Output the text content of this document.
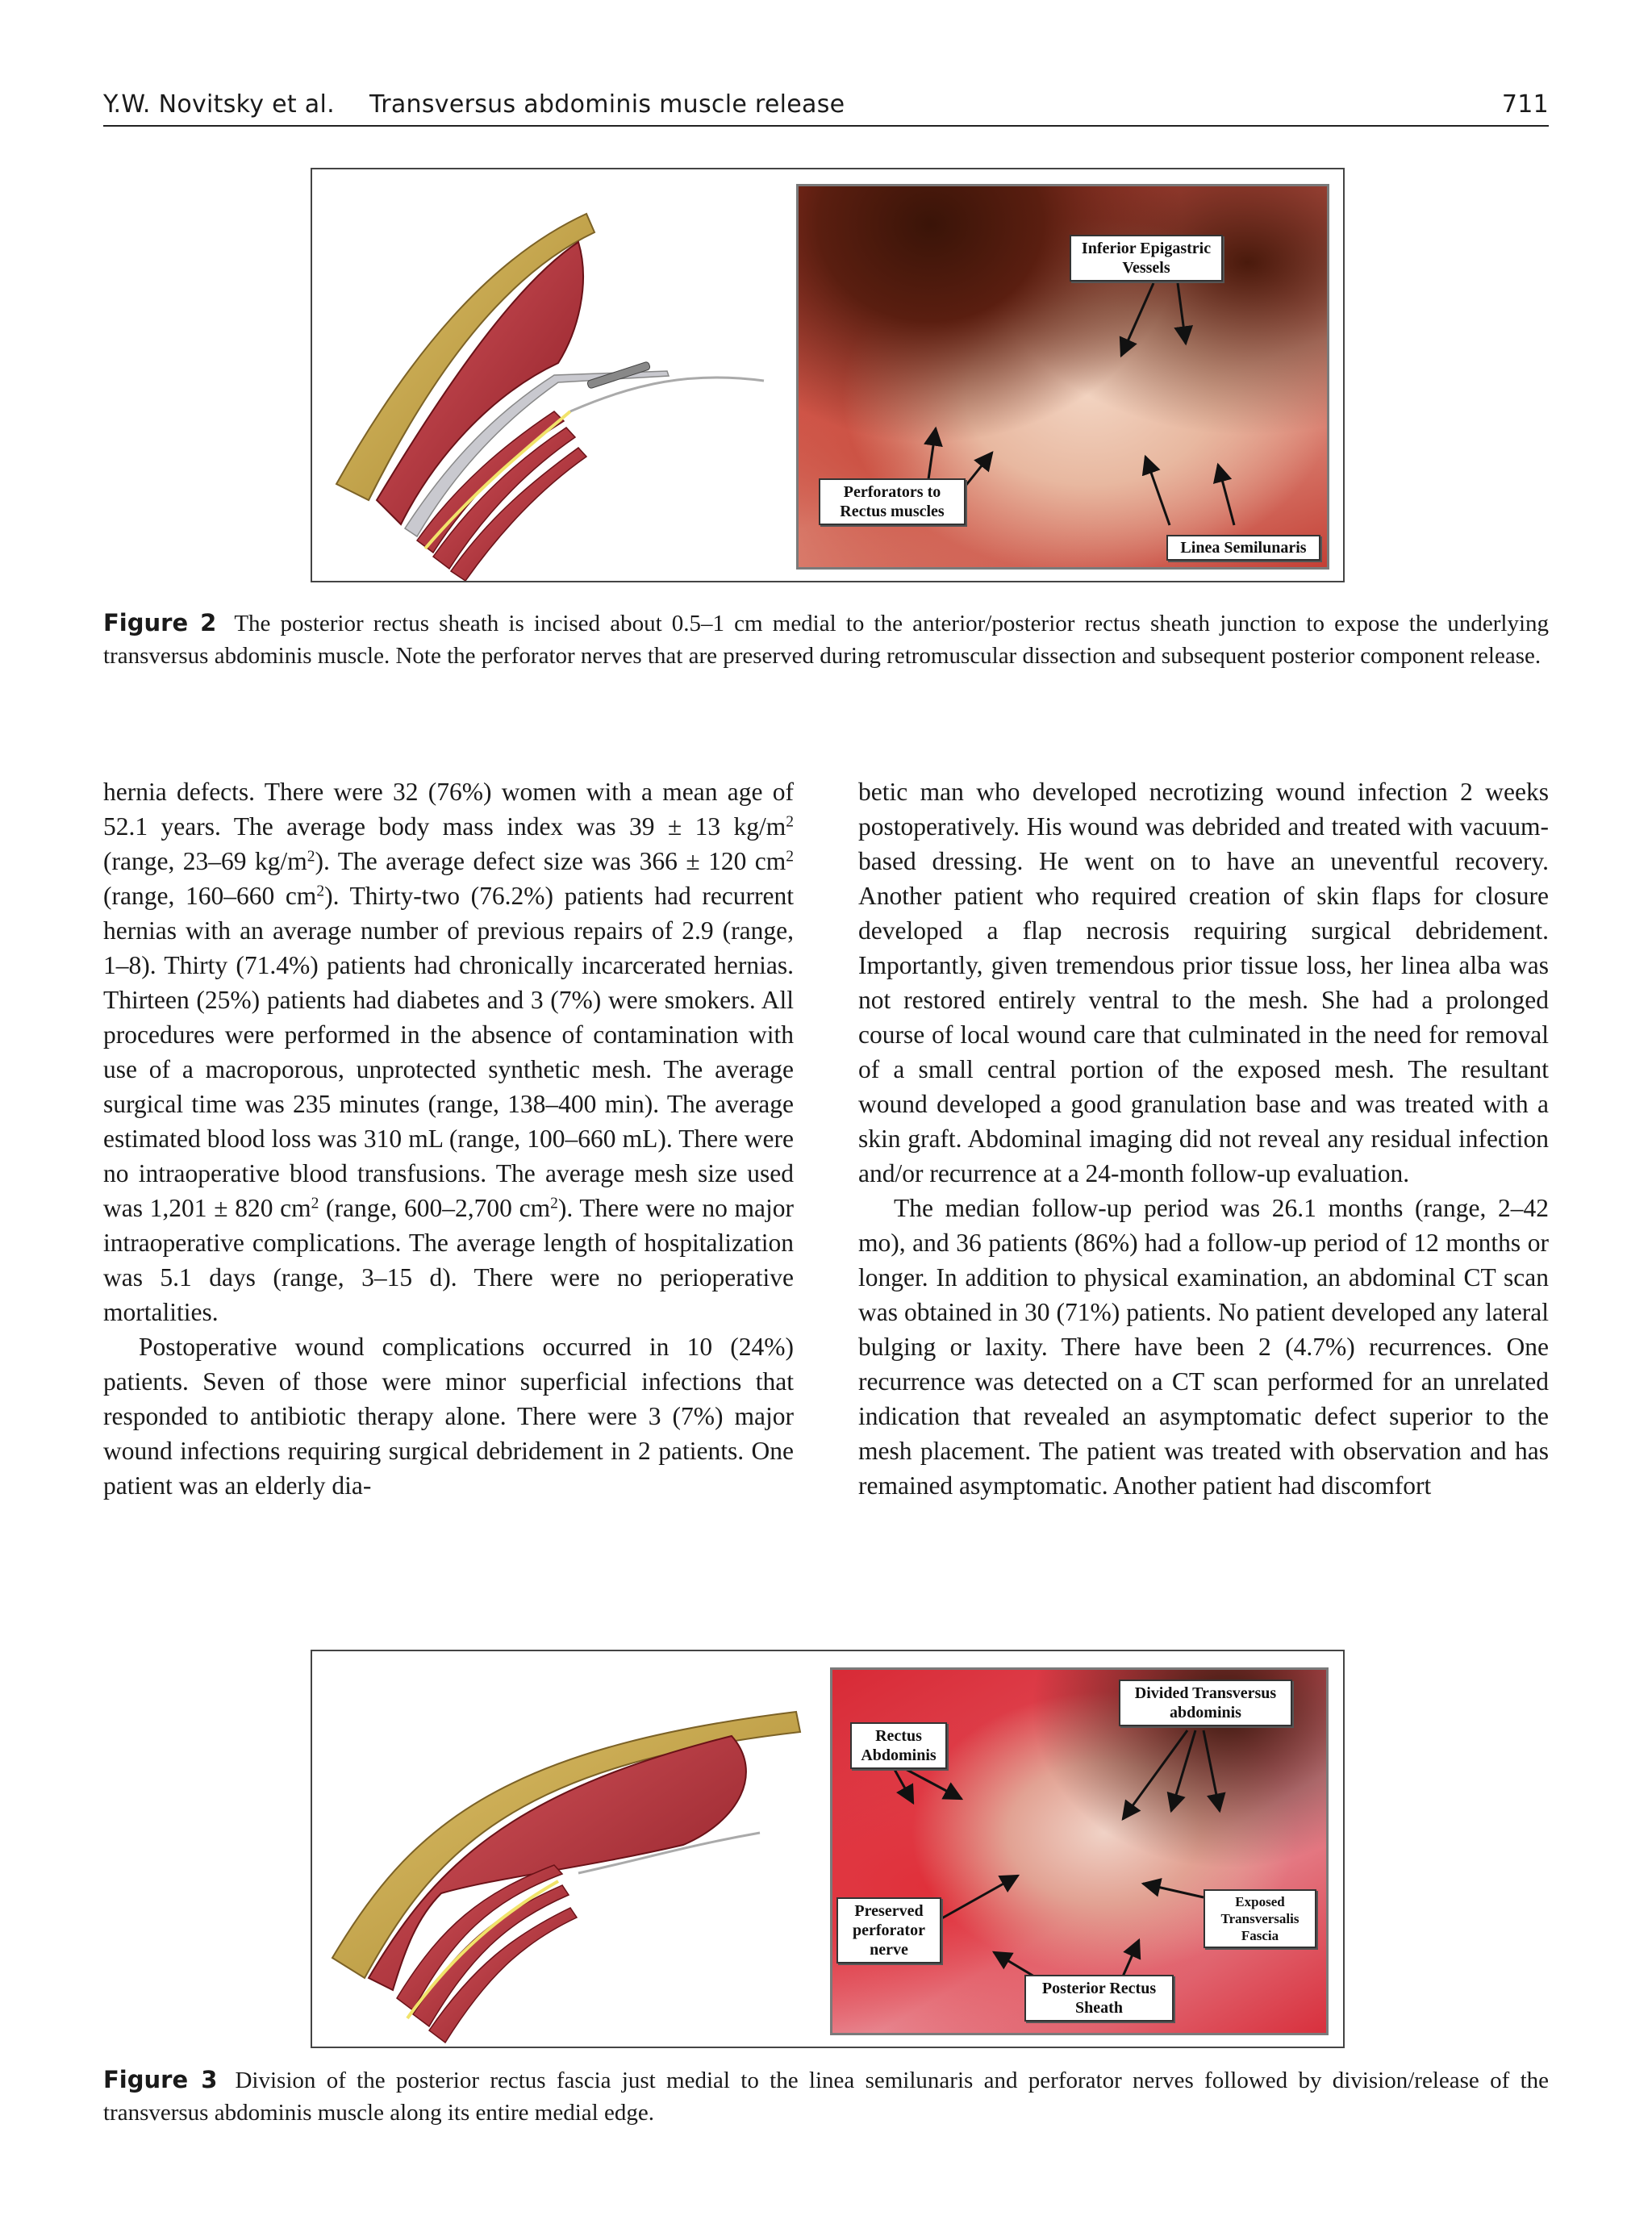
Y.W. Novitsky et al. Transversus abdominis muscle release	711
Inferior Epigastric Vessels
Perforators to Rectus muscles
Linea Semilunaris
Figure 2 The posterior rectus sheath is incised about 0.5–1 cm medial to the anterior/posterior rectus sheath junction to expose the underlying transversus abdominis muscle. Note the perforator nerves that are preserved during retromuscular dissection and subsequent posterior component release.

hernia defects. There were 32 (76%) women with a mean age of 52.1 years. The average body mass index was 39 ± 13 $kg/m^2$ (range, 23–69 $kg/m^2$). The average defect size was 366 ± 120 $cm^2$ (range, 160–660 $cm^2$). Thirty-two (76.2%) patients had recurrent hernias with an average number of previous repairs of 2.9 (range, 1–8). Thirty (71.4%) patients had chronically incarcerated hernias. Thirteen (25%) patients had diabetes and 3 (7%) were smokers. All procedures were performed in the absence of contamination with use of a macroporous, unprotected synthetic mesh. The average surgical time was 235 minutes (range, 138–400 min). The average estimated blood loss was 310 mL (range, 100–660 mL). There were no intraoperative blood transfusions. The average mesh size used was 1,201 ± 820 $cm^2$ (range, 600–2,700 $cm^2$). There were no major intraoperative complications. The average length of hospitalization was 5.1 days (range, 3–15 d). There were no perioperative mortalities.

Postoperative wound complications occurred in 10 (24%) patients. Seven of those were minor superficial infections that responded to antibiotic therapy alone. There were 3 (7%) major wound infections requiring surgical debridement in 2 patients. One patient was an elderly dia-

betic man who developed necrotizing wound infection 2 weeks postoperatively. His wound was debrided and treated with vacuum-based dressing. He went on to have an uneventful recovery. Another patient who required creation of skin flaps for closure developed a flap necrosis requiring surgical debridement. Importantly, given tremendous prior tissue loss, her linea alba was not restored entirely ventral to the mesh. She had a prolonged course of local wound care that culminated in the need for removal of a small central portion of the exposed mesh. The resultant wound developed a good granulation base and was treated with a skin graft. Abdominal imaging did not reveal any residual infection and/or recurrence at a 24-month follow-up evaluation.

The median follow-up period was 26.1 months (range, 2–42 mo), and 36 patients (86%) had a follow-up period of 12 months or longer. In addition to physical examination, an abdominal CT scan was obtained in 30 (71%) patients. No patient developed any lateral bulging or laxity. There have been 2 (4.7%) recurrences. One recurrence was detected on a CT scan performed for an unrelated indication that revealed an asymptomatic defect superior to the mesh placement. The patient was treated with observation and has remained asymptomatic. Another patient had discomfort

Divided Transversus abdominis
Rectus Abdominis
Preserved perforator nerve
Exposed Transversalis Fascia
Posterior Rectus Sheath
Figure 3 Division of the posterior rectus fascia just medial to the linea semilunaris and perforator nerves followed by division/release of the transversus abdominis muscle along its entire medial edge.
